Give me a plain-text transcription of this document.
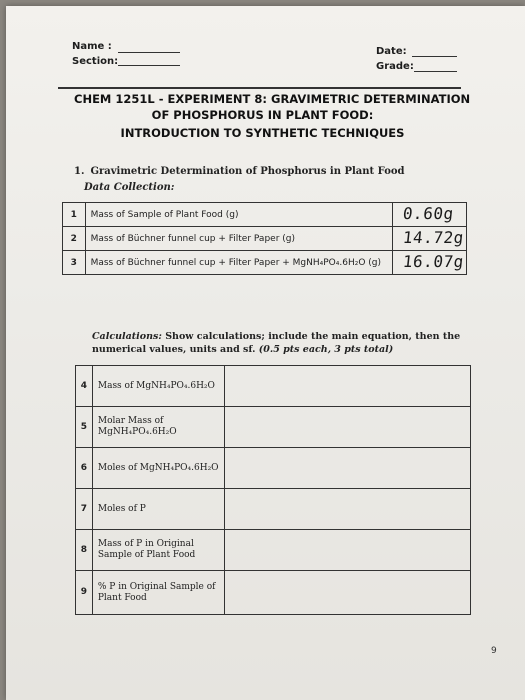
Name :
Section:
Date:
Grade:
CHEM 1251L - EXPERIMENT 8: GRAVIMETRIC DETERMINATION
OF PHOSPHORUS IN PLANT FOOD:
INTRODUCTION TO SYNTHETIC TECHNIQUES
1. Gravimetric Determination of Phosphorus in Plant Food
Data Collection:
1	Mass of Sample of Plant Food (g)	0.60g

2	Mass of Büchner funnel cup + Filter Paper (g)	14.72g

3	Mass of Büchner funnel cup + Filter Paper + MgNH₄PO₄.6H₂O (g)	16.07g
Calculations: Show calculations; include the main equation, then the numerical values, units and sf. (0.5 pts each, 3 pts total)
4	Mass of MgNH₄PO₄.6H₂O	
5	Molar Mass of MgNH₄PO₄.6H₂O	
6	Moles of MgNH₄PO₄.6H₂O	
7	Moles of P	
8	Mass of P in Original Sample of Plant Food	
9	% P in Original Sample of Plant Food	
9
